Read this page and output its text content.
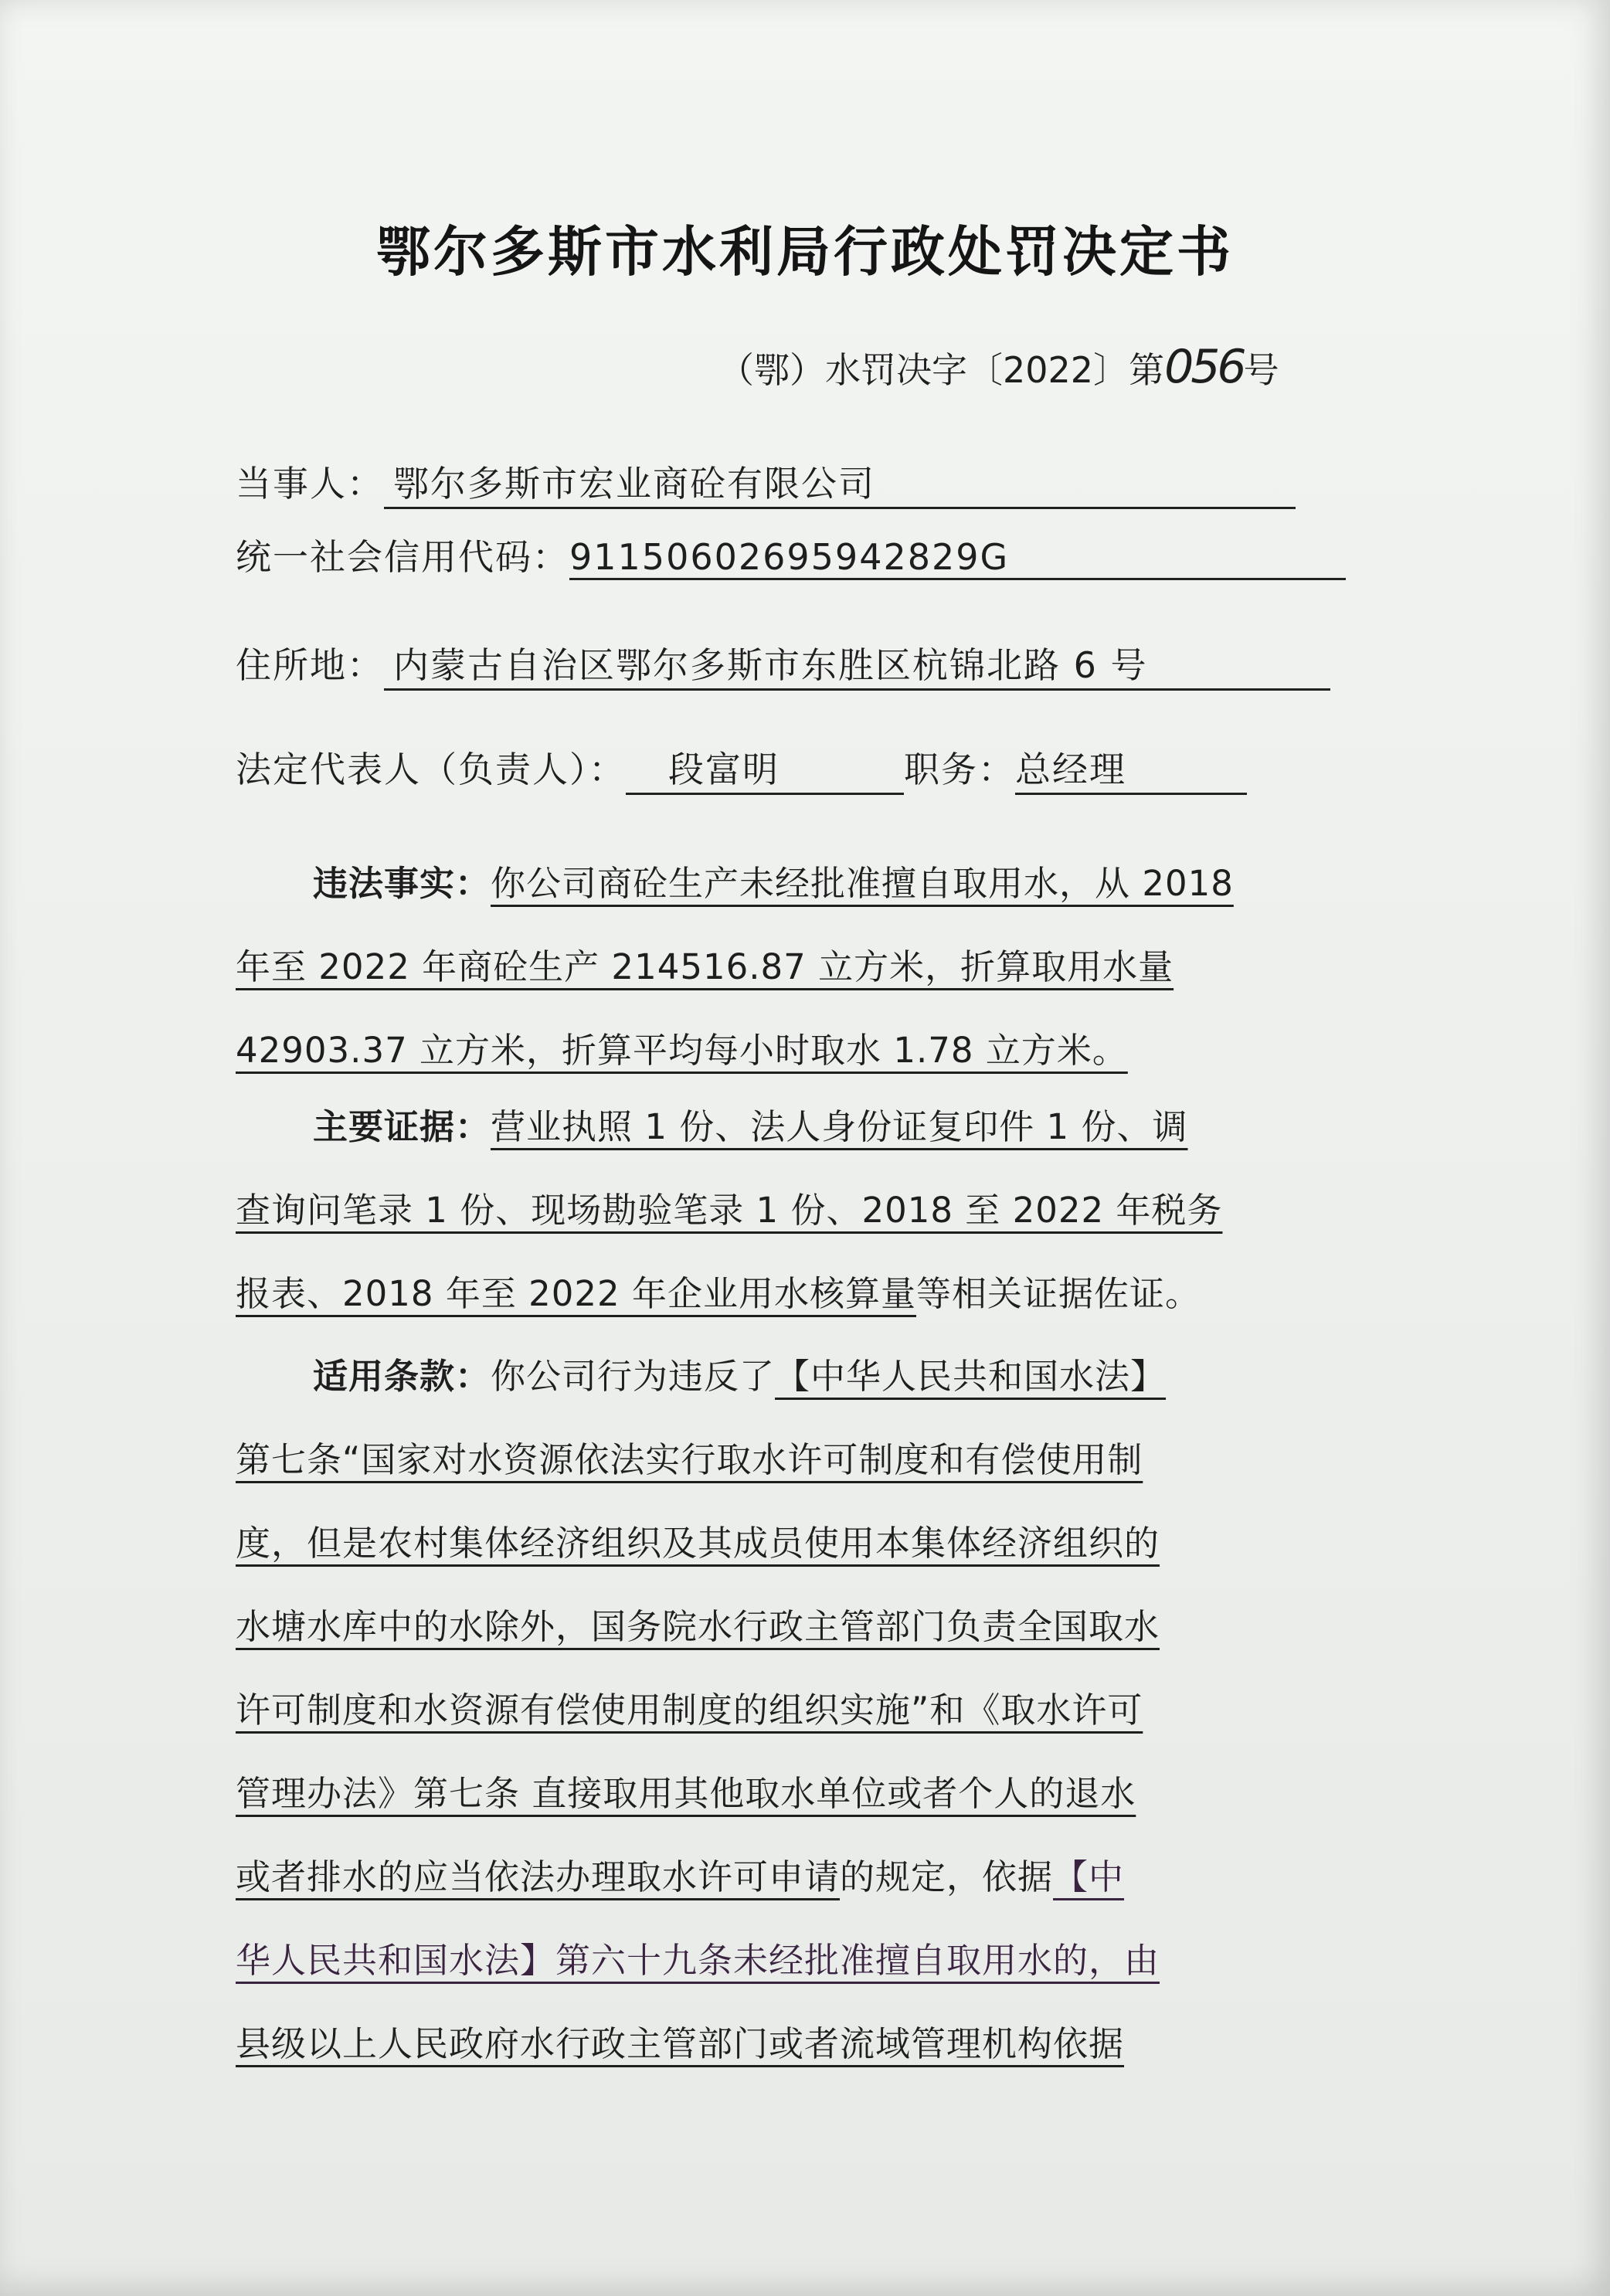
鄂尔多斯市水利局行政处罚决定书
（鄂）水罚决字〔2022〕第056号
当事人： 鄂尔多斯市宏业商砼有限公司
统一社会信用代码：91150602695942829G
住所地： 内蒙古自治区鄂尔多斯市东胜区杭锦北路 6 号
法定代表人（负责人）： 段富明	职务：总经理
违法事实：你公司商砼生产未经批准擅自取用水，从 2018
年至 2022 年商砼生产 214516.87 立方米，折算取用水量
42903.37 立方米，折算平均每小时取水 1.78 立方米。
主要证据：营业执照 1 份、法人身份证复印件 1 份、调
查询问笔录 1 份、现场勘验笔录 1 份、2018 至 2022 年税务
报表、2018 年至 2022 年企业用水核算量等相关证据佐证。
适用条款：你公司行为违反了【中华人民共和国水法】
第七条“国家对水资源依法实行取水许可制度和有偿使用制
度，但是农村集体经济组织及其成员使用本集体经济组织的
水塘水库中的水除外，国务院水行政主管部门负责全国取水
许可制度和水资源有偿使用制度的组织实施”和《取水许可
管理办法》第七条 直接取用其他取水单位或者个人的退水
或者排水的应当依法办理取水许可申请的规定，依据【中
华人民共和国水法】第六十九条未经批准擅自取用水的，由
县级以上人民政府水行政主管部门或者流域管理机构依据
